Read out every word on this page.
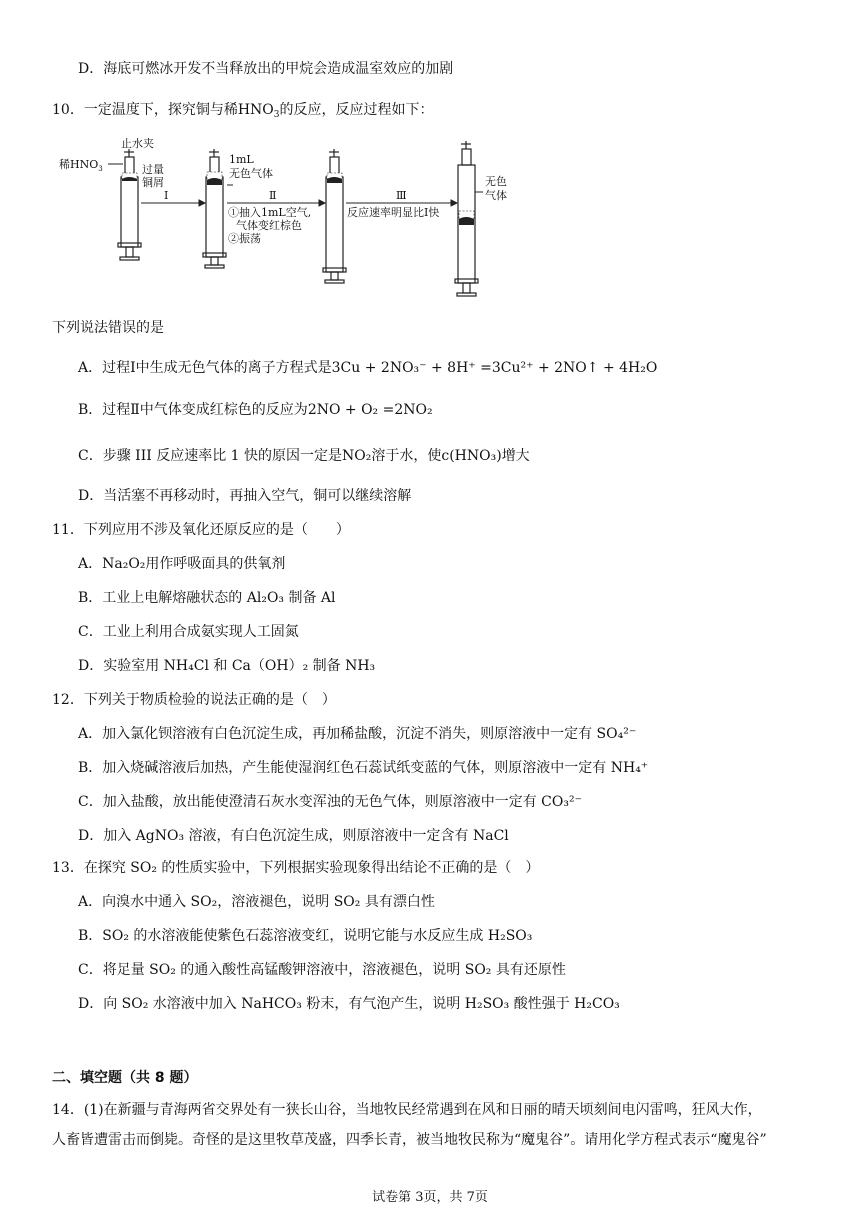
D．海底可燃冰开发不当释放出的甲烷会造成温室效应的加剧
10．一定温度下，探究铜与稀$HNO_3$的反应，反应过程如下：
止水夹
稀$HNO_3$	过量
铜屑
I
1mL
无色气体
Ⅱ
①抽入1mL空气,
气体变红棕色
②振荡
Ⅲ
反应速率明显比I快
无色
气体
下列说法错误的是
A．过程Ⅰ中生成无色气体的离子方程式是3Cu + 2NO₃⁻ + 8H⁺ =3Cu²⁺ + 2NO↑ + 4H₂O
B．过程Ⅱ中气体变成红棕色的反应为2NO + O₂ =2NO₂
C．步骤 III 反应速率比 1 快的原因一定是NO₂溶于水，使c(HNO₃)增大
D．当活塞不再移动时，再抽入空气，铜可以继续溶解
11．下列应用不涉及氧化还原反应的是（　　）
A．Na₂O₂用作呼吸面具的供氧剂
B．工业上电解熔融状态的 Al₂O₃ 制备 Al
C．工业上利用合成氨实现人工固氮
D．实验室用 NH₄Cl 和 Ca（OH）₂ 制备 NH₃
12．下列关于物质检验的说法正确的是（　）
A．加入氯化钡溶液有白色沉淀生成，再加稀盐酸，沉淀不消失，则原溶液中一定有 SO₄²⁻
B．加入烧碱溶液后加热，产生能使湿润红色石蕊试纸变蓝的气体，则原溶液中一定有 NH₄⁺
C．加入盐酸，放出能使澄清石灰水变浑浊的无色气体，则原溶液中一定有 CO₃²⁻
D．加入 AgNO₃ 溶液，有白色沉淀生成，则原溶液中一定含有 NaCl
13．在探究 SO₂ 的性质实验中，下列根据实验现象得出结论不正确的是（　）
A．向溴水中通入 SO₂，溶液褪色，说明 SO₂ 具有漂白性
B．SO₂ 的水溶液能使紫色石蕊溶液变红，说明它能与水反应生成 H₂SO₃
C．将足量 SO₂ 的通入酸性高锰酸钾溶液中，溶液褪色，说明 SO₂ 具有还原性
D．向 SO₂ 水溶液中加入 NaHCO₃ 粉末，有气泡产生，说明 H₂SO₃ 酸性强于 H₂CO₃
二、填空题（共 8 题）
14．(1)在新疆与青海两省交界处有一狭长山谷，当地牧民经常遇到在风和日丽的晴天顷刻间电闪雷鸣，狂风大作，
人畜皆遭雷击而倒毙。奇怪的是这里牧草茂盛，四季长青，被当地牧民称为“魔鬼谷”。请用化学方程式表示“魔鬼谷”
试卷第 3页，共 7页
